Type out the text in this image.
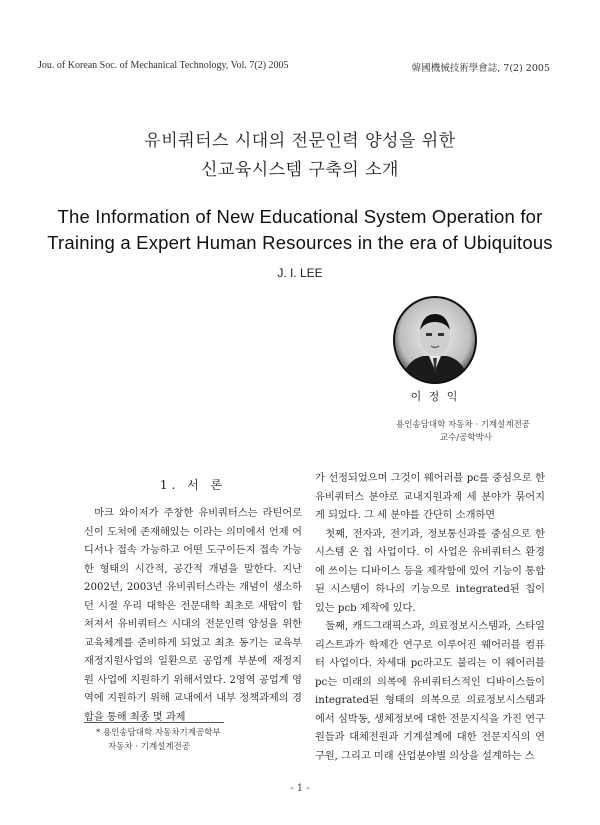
Jou. of Korean Soc. of Mechanical Technology, Vol. 7(2) 2005	韓國機械技術學會誌, 7(2) 2005
유비쿼터스 시대의 전문인력 양성을 위한
신교육시스템 구축의 소개
The Information of New Educational System Operation for
Training a Expert Human Resources in the era of Ubiquitous
J. I. LEE
이 정 익
용인송담대학 자동차 · 기계설계전공
교수/공학박사
1. 서 론

마크 와이저가 주창한 유비쿼터스는 라틴어로 신이 도처에 존재해있는 이라는 의미에서 언제 어디서나 접속 가능하고 어떤 도구이든지 접속 가능한 형태의 시간적, 공간적 개념을 말한다. 지난 2002년, 2003년 유비쿼터스라는 개념이 생소하던 시절 우리 대학은 전문대학 최초로 새탑이 합쳐져서 유비쿼터스 시대의 전문인력 양성을 위한 교육체계를 준비하게 되었고 최초 동기는 교육부 재정지원사업의 일환으로 공업계 부분에 재정지원 사업에 지원하기 위해서였다. 2영역 공업계 영역에 지원하기 위해 교내에서 내부 정책과제의 경합을 통해 최종 몇 과제

가 선정되었으며 그것이 웨어러블 pc를 중심으로 한 유비쿼터스 분야로 교내지원과제 세 분야가 묶어지게 되었다. 그 세 분야를 간단히 소개하면

첫째, 전자과, 전기과, 정보통신과를 중심으로 한 시스템 온 칩 사업이다. 이 사업은 유비쿼터스 환경에 쓰이는 디바이스 등을 제작함에 있어 기능이 통합된 시스템이 하나의 기능으로 integrated된 칩이 있는 pcb 제작에 있다.

둘째, 캐드그래픽스과, 의료정보시스템과, 스타일리스트과가 학제간 연구로 이루어진 웨어러블 컴퓨터 사업이다. 차세대 pc라고도 불리는 이 웨어러블 pc는 미래의 의복에 유비쿼터스적인 디바이스들이 integrated된 형태의 의복으로 의료정보시스템과에서 심박동, 생체정보에 대한 전문지식을 가진 연구원들과 대체전원과 기계설계에 대한 전문지식의 연구원, 그리고 미래 산업분야별 의상을 설계하는 스

* 용인송담대학 자동차기계공학부
자동차 · 기계설계전공
- 1 -
